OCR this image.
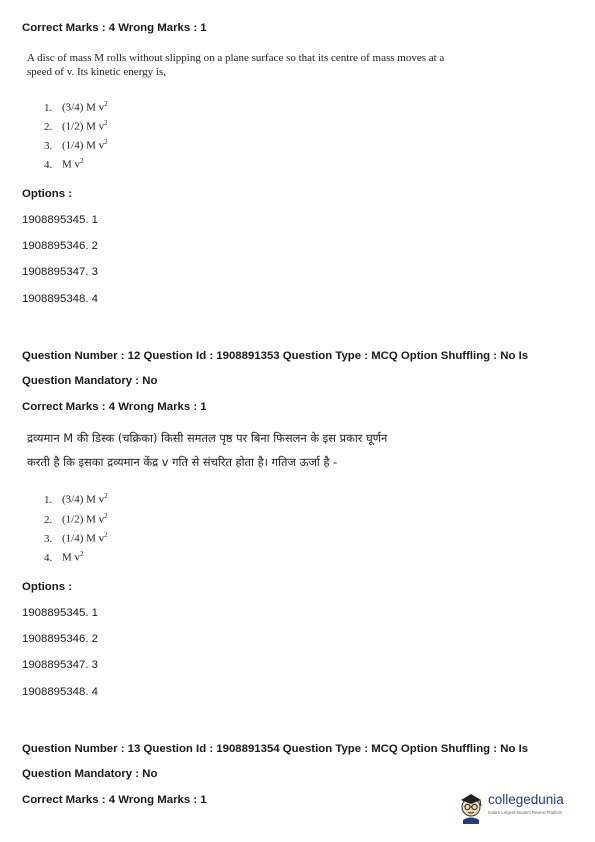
Correct Marks : 4 Wrong Marks : 1
A disc of mass M rolls without slipping on a plane surface so that its centre of mass moves at a
speed of v. Its kinetic energy is,
1. (3/4) M $v^2$
2. (1/2) M $v^2$
3. (1/4) M $v^2$
4. M $v^2$
Options :
1908895345. 1
1908895346. 2
1908895347. 3
1908895348. 4
Question Number : 12 Question Id : 1908891353 Question Type : MCQ Option Shuffling : No Is
Question Mandatory : No
Correct Marks : 4 Wrong Marks : 1
द्रव्यमान M की डिस्क (चक्रिका) किसी समतल पृष्ठ पर बिना फिसलन के इस प्रकार घूर्णन
करती है कि इसका द्रव्यमान केंद्र v गति से संचरित होता है। गतिज ऊर्जा है -
1. (3/4) M $v^2$
2. (1/2) M $v^2$
3. (1/4) M $v^2$
4. M $v^2$
Options :
1908895345. 1
1908895346. 2
1908895347. 3
1908895348. 4
Question Number : 13 Question Id : 1908891354 Question Type : MCQ Option Shuffling : No Is
Question Mandatory : No
Correct Marks : 4 Wrong Marks : 1	collegedunia
India's Largest Student Review Platform
